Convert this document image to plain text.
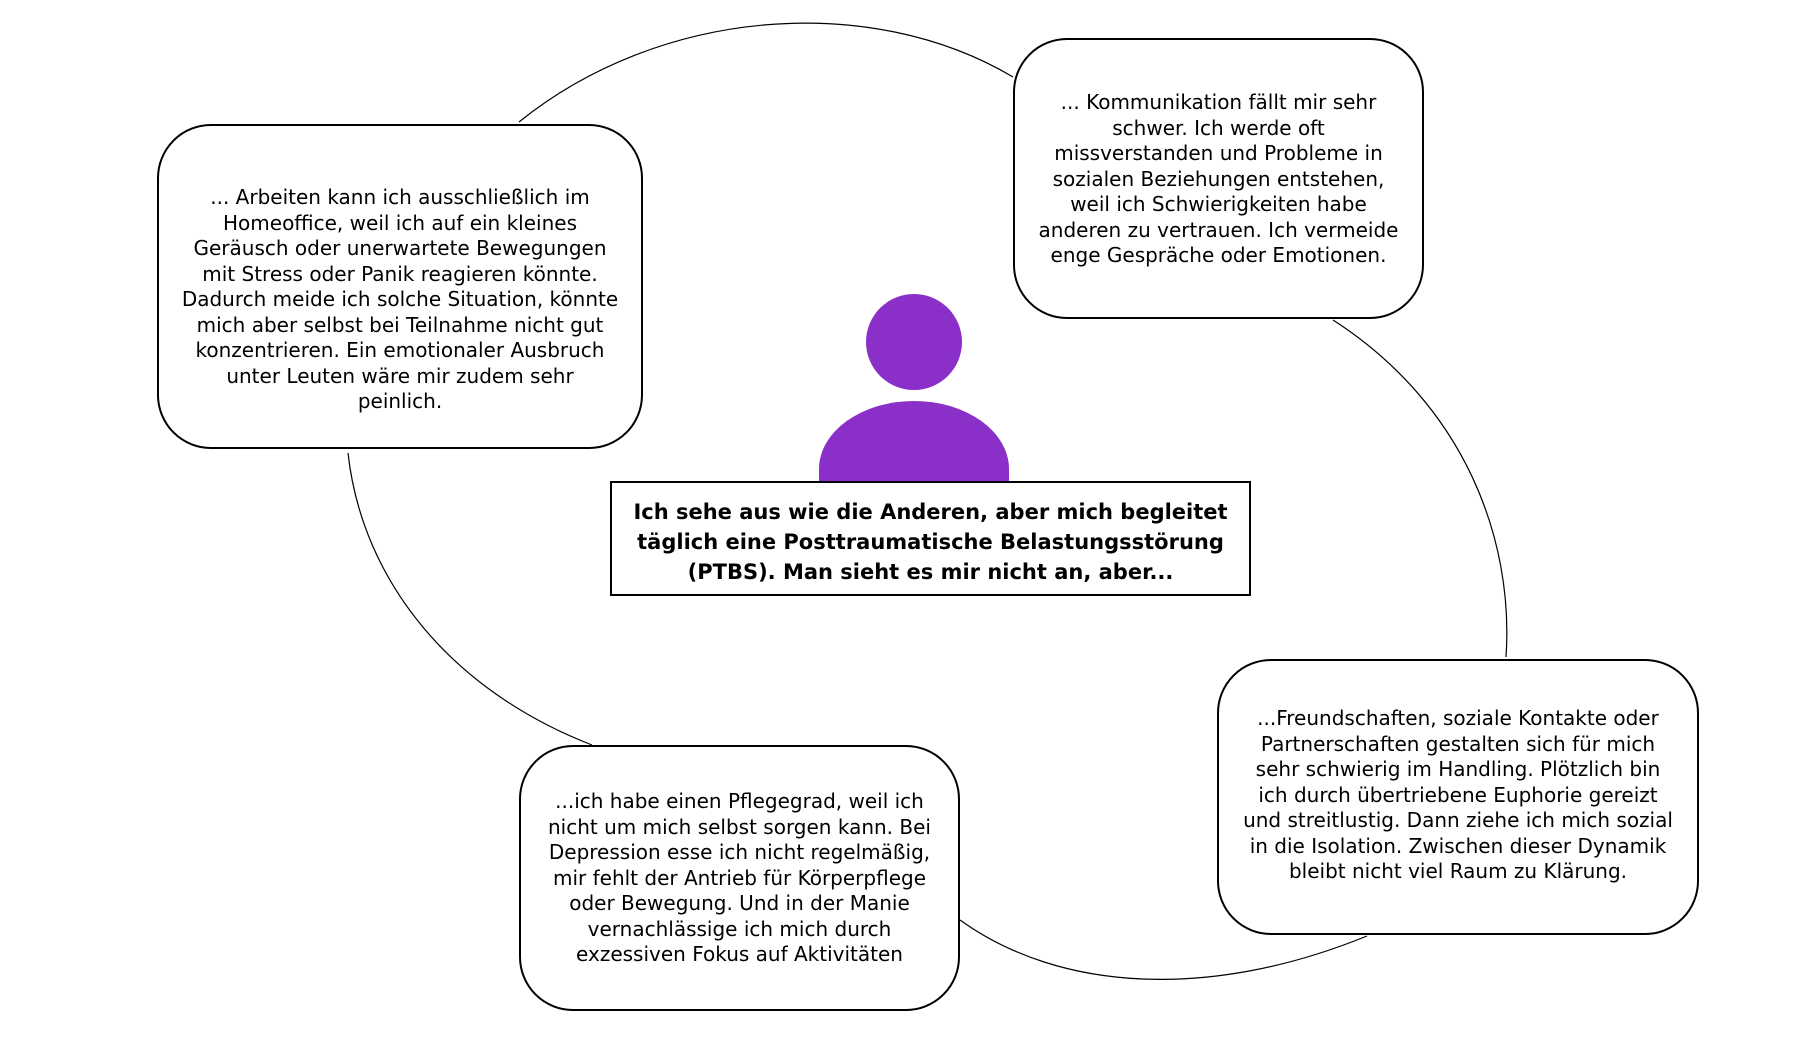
Ich sehe aus wie die Anderen, aber mich begleitet täglich eine Posttraumatische Belastungsstörung (PTBS). Man sieht es mir nicht an, aber...
... Arbeiten kann ich ausschließlich im Homeoffice, weil ich auf ein kleines Geräusch oder unerwartete Bewegungen mit Stress oder Panik reagieren könnte. Dadurch meide ich solche Situation, könnte mich aber selbst bei Teilnahme nicht gut konzentrieren. Ein emotionaler Ausbruch unter Leuten wäre mir zudem sehr peinlich.
... Kommunikation fällt mir sehr schwer. Ich werde oft missverstanden und Probleme in sozialen Beziehungen entstehen, weil ich Schwierigkeiten habe anderen zu vertrauen. Ich vermeide enge Gespräche oder Emotionen.
...Freundschaften, soziale Kontakte oder Partnerschaften gestalten sich für mich sehr schwierig im Handling. Plötzlich bin ich durch übertriebene Euphorie gereizt und streitlustig. Dann ziehe ich mich sozial in die Isolation. Zwischen dieser Dynamik bleibt nicht viel Raum zu Klärung.
...ich habe einen Pflegegrad, weil ich nicht um mich selbst sorgen kann. Bei Depression esse ich nicht regelmäßig, mir fehlt der Antrieb für Körperpflege oder Bewegung. Und in der Manie vernachlässige ich mich durch exzessiven Fokus auf Aktivitäten
